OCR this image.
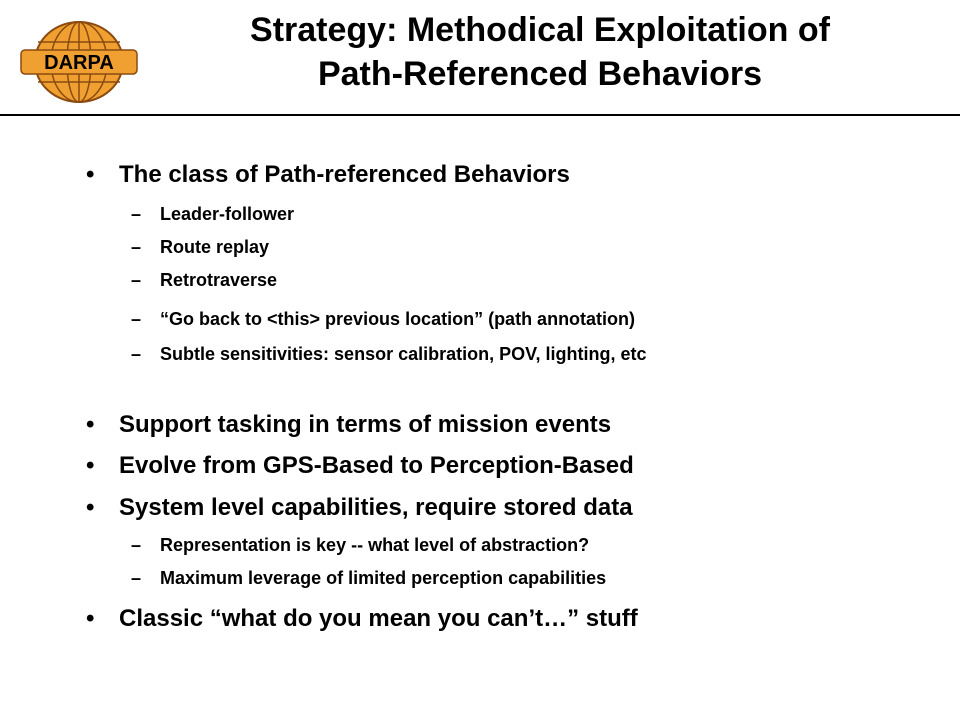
DARPA
Strategy: Methodical Exploitation of
Path-Referenced Behaviors
• The class of Path-referenced Behaviors
– Leader-follower
– Route replay
– Retrotraverse
– “Go back to <this> previous location” (path annotation)
– Subtle sensitivities: sensor calibration, POV, lighting, etc
• Support tasking in terms of mission events
• Evolve from GPS-Based to Perception-Based
• System level capabilities, require stored data
– Representation is key -- what level of abstraction?
– Maximum leverage of limited perception capabilities
• Classic “what do you mean you can’t…” stuff
